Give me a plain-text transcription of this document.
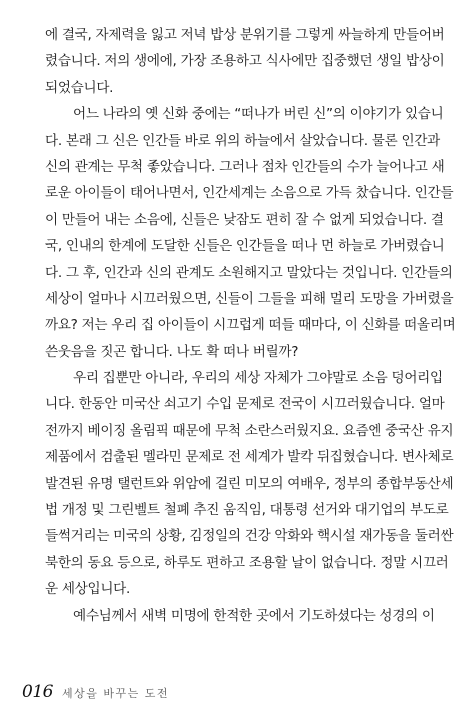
에 결국, 자제력을 잃고 저녁 밥상 분위기를 그렇게 싸늘하게 만들어버
렸습니다. 저의 생에에, 가장 조용하고 식사에만 집중했던 생일 밥상이
되었습니다.
어느 나라의 옛 신화 중에는 “떠나가 버린 신”의 이야기가 있습니
다. 본래 그 신은 인간들 바로 위의 하늘에서 살았습니다. 물론 인간과
신의 관계는 무척 좋았습니다. 그러나 점차 인간들의 수가 늘어나고 새
로운 아이들이 태어나면서, 인간세계는 소음으로 가득 찼습니다. 인간들
이 만들어 내는 소음에, 신들은 낮잠도 편히 잘 수 없게 되었습니다. 결
국, 인내의 한계에 도달한 신들은 인간들을 떠나 먼 하늘로 가버렸습니
다. 그 후, 인간과 신의 관계도 소원해지고 말았다는 것입니다. 인간들의
세상이 얼마나 시끄러웠으면, 신들이 그들을 피해 멀리 도망을 가버렸을
까요? 저는 우리 집 아이들이 시끄럽게 떠들 때마다, 이 신화를 떠올리며
쓴웃음을 짓곤 합니다. 나도 확 떠나 버릴까?
우리 집뿐만 아니라, 우리의 세상 자체가 그야말로 소음 덩어리입
니다. 한동안 미국산 쇠고기 수입 문제로 전국이 시끄러웠습니다. 얼마
전까지 베이징 올림픽 때문에 무척 소란스러웠지요. 요즘엔 중국산 유지
제품에서 검출된 멜라민 문제로 전 세계가 발칵 뒤집혔습니다. 변사체로
발견된 유명 탤런트와 위암에 걸린 미모의 여배우, 정부의 종합부동산세
법 개정 및 그린벨트 철폐 추진 움직임, 대통령 선거와 대기업의 부도로
들썩거리는 미국의 상황, 김정일의 건강 악화와 핵시설 재가동을 둘러싼
북한의 동요 등으로, 하루도 편하고 조용할 날이 없습니다. 정말 시끄러
운 세상입니다.
예수님께서 새벽 미명에 한적한 곳에서 기도하셨다는 성경의 이
016 세상을 바꾸는 도전
